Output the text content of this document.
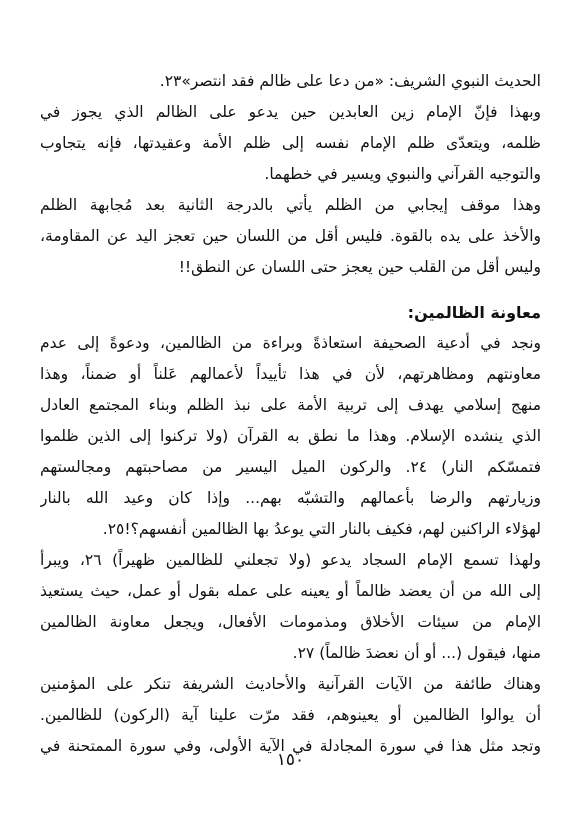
الحديث النبوي الشريف: «من دعا على ظالم فقد انتصر»٢٣.
وبهذا فإنّ الإمام زين العابدين حين يدعو على الظالم الذي يجوز في
ظلمه، ويتعدّى ظلم الإمام نفسه إلى ظلم الأمة وعقيدتها، فإنه يتجاوب
والتوجيه القرآني والنبوي ويسير في خطهما.
وهذا موقف إيجابي من الظلم يأتي بالدرجة الثانية بعد مُجابهة الظلم
والأخذ على يده بالقوة. فليس أقل من اللسان حين تعجز اليد عن المقاومة،
وليس أقل من القلب حين يعجز حتى اللسان عن النطق!!
معاونة الظالمين:
ونجد في أدعية الصحيفة استعاذةً وبراءة من الظالمين، ودعوةً إلى عدم
معاونتهم ومظاهرتهم، لأن في هذا تأييداً لأعمالهم عَلناً أو ضمناً، وهذا
منهج إسلامي يهدف إلى تربية الأمة على نبذ الظلم وبناء المجتمع العادل
الذي ينشده الإسلام. وهذا ما نطق به القرآن (ولا تركنوا إلى الذين ظلموا
فتمسّكم النار) ٢٤. والركون الميل اليسير من مصاحبتهم ومجالستهم
وزيارتهم والرضا بأعمالهم والتشبّه بهم... وإذا كان وعيد الله بالنار
لهؤلاء الراكنين لهم، فكيف بالنار التي يوعدُ بها الظالمين أنفسهم؟!٢٥.
ولهذا تسمع الإمام السجاد يدعو (ولا تجعلني للظالمين ظهيراً) ٢٦، ويبرأ
إلى الله من أن يعضد ظالماً أو يعينه على عمله بقول أو عمل، حيث يستعيذ
الإمام من سيئات الأخلاق ومذمومات الأفعال، ويجعل معاونة الظالمين
منها، فيقول (... أو أن نعضدَ ظالماً) ٢٧.
وهناك طائفة من الآيات القرآنية والأحاديث الشريفة تنكر على المؤمنين
أن يوالوا الظالمين أو يعينوهم، فقد مرّت علينا آية (الركون) للظالمين.
وتجد مثل هذا في سورة المجادلة في الآية الأولى، وفي سورة الممتحنة في
١٥٠
